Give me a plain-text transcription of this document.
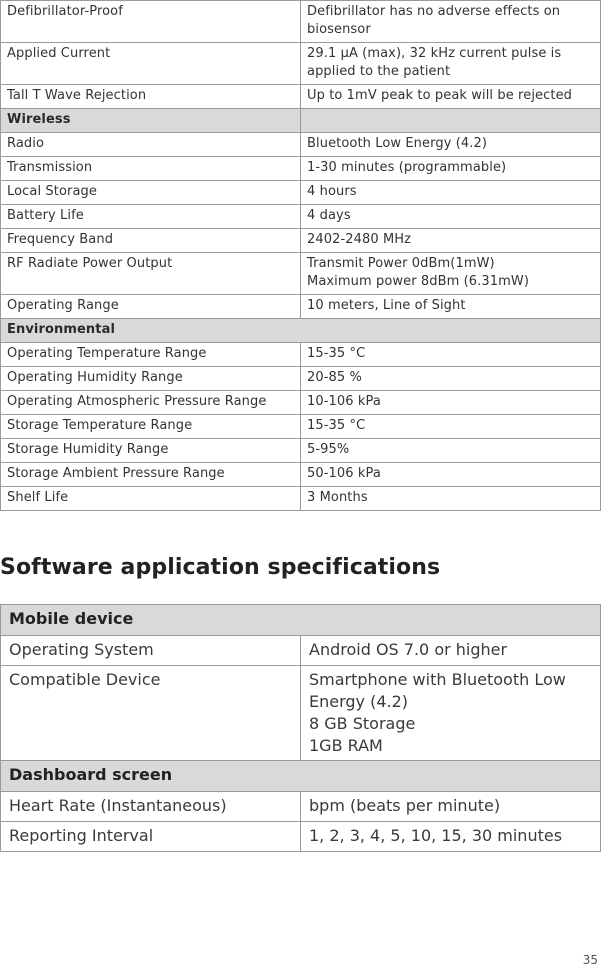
Defibrillator-Proof	Defibrillator has no adverse effects on biosensor
Applied Current	29.1 µA (max), 32 kHz current pulse is applied to the patient
Tall T Wave Rejection	Up to 1mV peak to peak will be rejected
Wireless	
Radio	Bluetooth Low Energy (4.2)
Transmission	1-30 minutes (programmable)
Local Storage	4 hours
Battery Life	4 days
Frequency Band	2402-2480 MHz
RF Radiate Power Output	Transmit Power 0dBm(1mW)
Maximum power 8dBm (6.31mW)

Operating Range	10 meters, Line of Sight
Environmental	
Operating Temperature Range	15-35 °C
Operating Humidity Range	20-85 %
Operating Atmospheric Pressure Range	10-106 kPa
Storage Temperature Range	15-35 °C
Storage Humidity Range	5-95%
Storage Ambient Pressure Range	50-106 kPa
Shelf Life	3 Months
Software application specifications
Mobile device	
Operating System	Android OS 7.0 or higher
Compatible Device	Smartphone with Bluetooth Low
Energy (4.2)
8 GB Storage
1GB RAM

Dashboard screen	
Heart Rate (Instantaneous)	bpm (beats per minute)
Reporting Interval	1, 2, 3, 4, 5, 10, 15, 30 minutes
35
